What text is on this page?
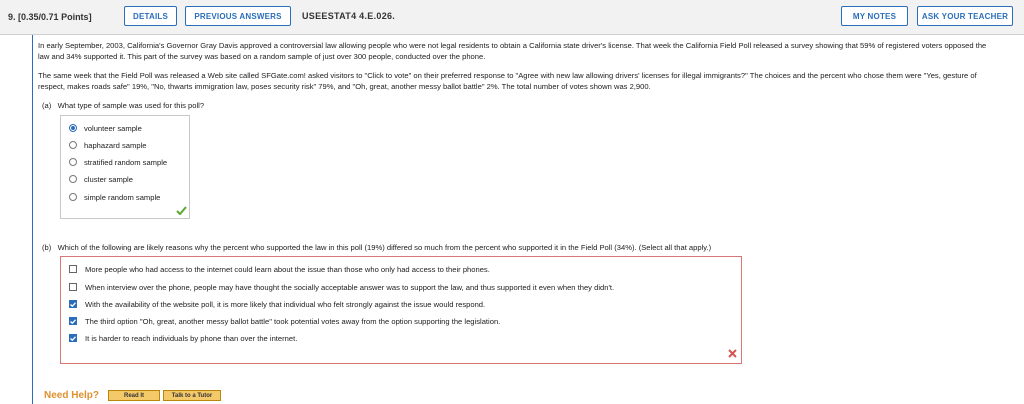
9. [0.35/0.71 Points]	DETAILS	PREVIOUS ANSWERS	USEESTAT4 4.E.026.	MY NOTES	ASK YOUR TEACHER
In early September, 2003, California's Governor Gray Davis approved a controversial law allowing people who were not legal residents to obtain a California state driver's license. That week the California Field Poll released a survey showing that 59% of registered voters opposed the law and 34% supported it. This part of the survey was based on a random sample of just over 300 people, conducted over the phone.
The same week that the Field Poll was released a Web site called SFGate.com! asked visitors to "Click to vote" on their preferred response to "Agree with new law allowing drivers' licenses for illegal immigrants?" The choices and the percent who chose them were "Yes, gesture of respect, makes roads safe" 19%, "No, thwarts immigration law, poses security risk" 79%, and "Oh, great, another messy ballot battle" 2%. The total number of votes shown was 2,900.
(a) What type of sample was used for this poll?
volunteer sample
haphazard sample
stratified random sample
cluster sample
simple random sample
(b) Which of the following are likely reasons why the percent who supported the law in this poll (19%) differed so much from the percent who supported it in the Field Poll (34%). (Select all that apply.)
More people who had access to the internet could learn about the issue than those who only had access to their phones.
When interview over the phone, people may have thought the socially acceptable answer was to support the law, and thus supported it even when they didn't.
With the availability of the website poll, it is more likely that individual who felt strongly against the issue would respond.
The third option "Oh, great, another messy ballot battle" took potential votes away from the option supporting the legislation.
It is harder to reach individuals by phone than over the internet.
Need Help?	Read It	Talk to a Tutor
